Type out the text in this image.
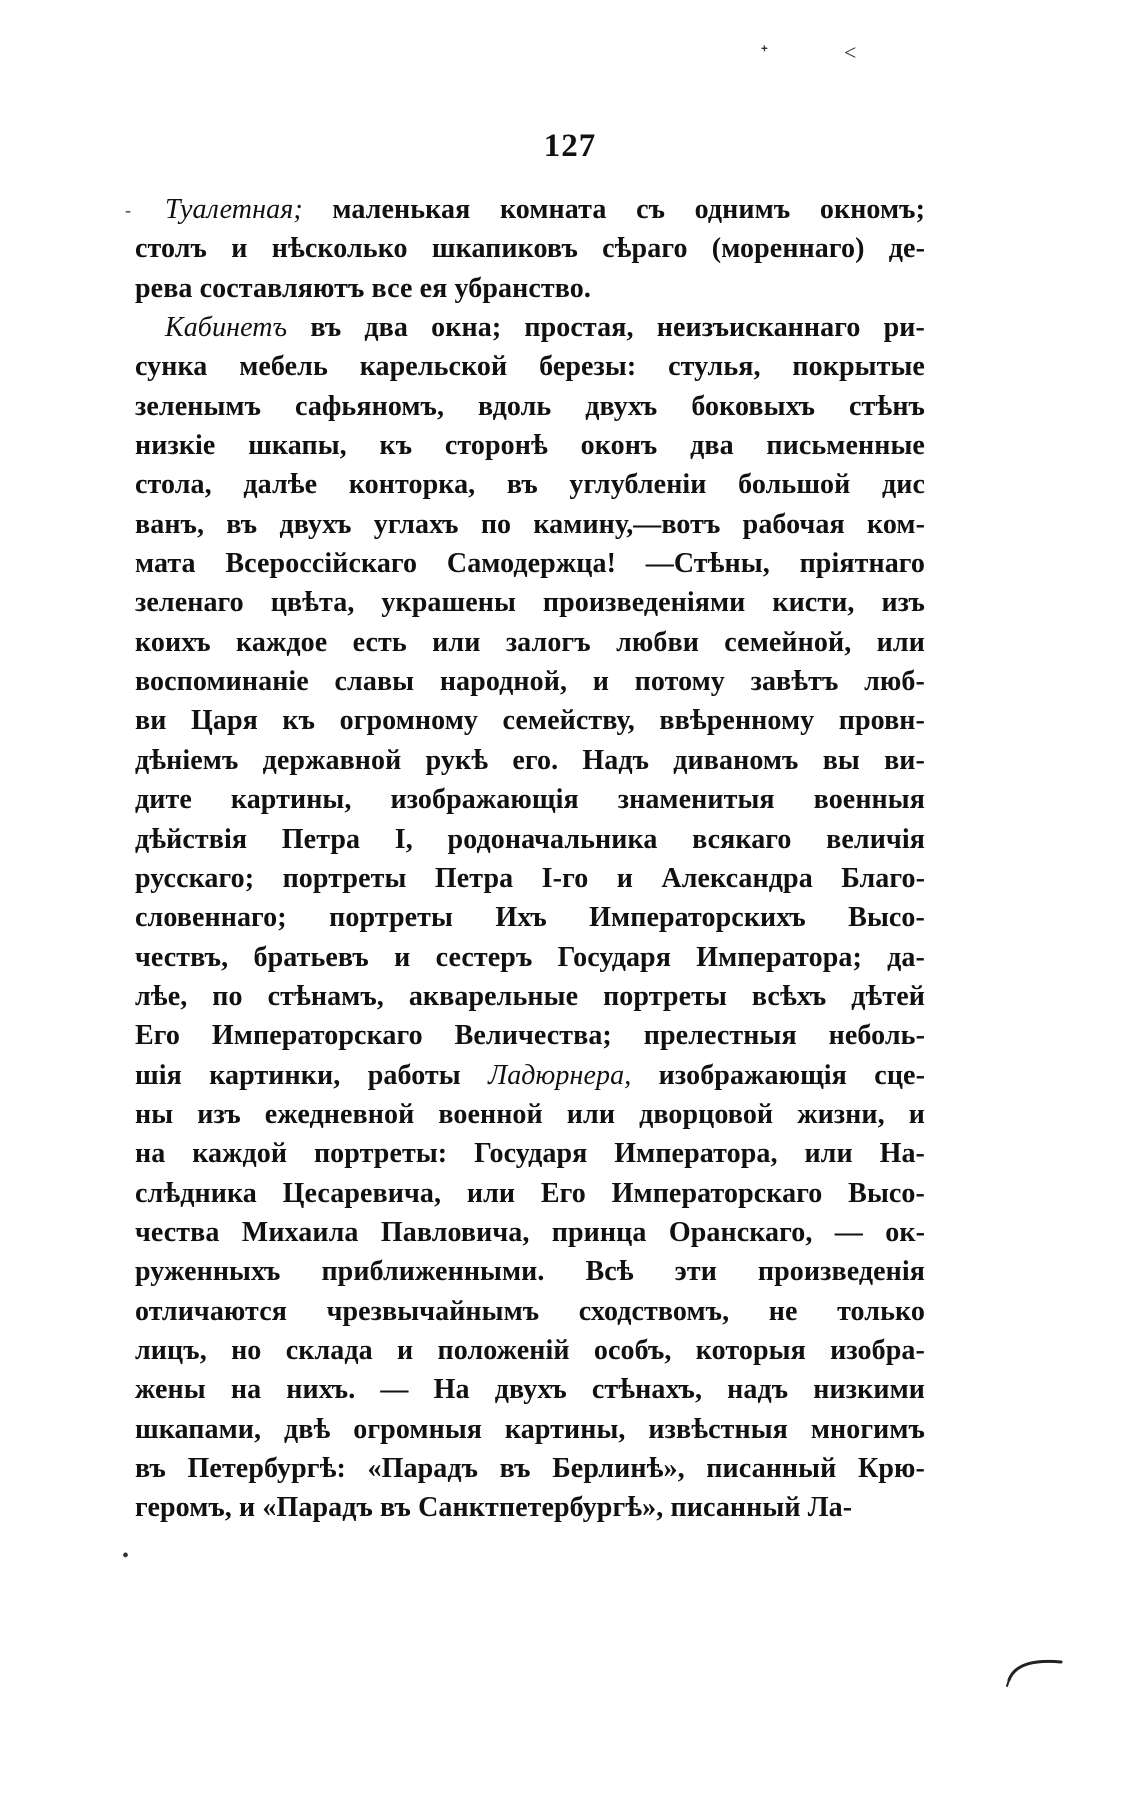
ᐩ	˂
-
•
127
Туалетная; маленькая комната съ однимъ окномъ;
столъ и нѣсколько шкапиковъ сѣраго (мореннаго) де-
рева составляютъ все ея убранство.
Кабинетъ въ два окна; простая, неизъисканнаго ри-
сунка мебель карельской березы: стулья, покрытые
зеленымъ сафьяномъ, вдоль двухъ боковыхъ стѣнъ
низкіе шкапы, къ сторонѣ оконъ два письменные
стола, далѣе конторка, въ углубленіи большой дис
ванъ, въ двухъ углахъ по камину,—вотъ рабочая ком-
мата Всероссійскаго Самодержца! —Стѣны, пріятнаго
зеленаго цвѣта, украшены произведеніями кисти, изъ
коихъ каждое есть или залогъ любви семейной, или
воспоминаніе славы народной, и потому завѣтъ люб-
ви Царя къ огромному семейству, ввѣренному провн-
дѣніемъ державной рукѣ его. Надъ диваномъ вы ви-
дите картины, изображающія знаменитыя военныя
дѣйствія Петра I, родоначальника всякаго величія
русскаго; портреты Петра I-го и Александра Благо-
словеннаго; портреты Ихъ Императорскихъ Высо-
чествъ, братьевъ и сестеръ Государя Императора; да-
лѣе, по стѣнамъ, акварельные портреты всѣхъ дѣтей
Его Императорскаго Величества; прелестныя неболь-
шія картинки, работы Ладюрнера, изображающія сце-
ны изъ ежедневной военной или дворцовой жизни, и
на каждой портреты: Государя Императора, или На-
слѣдника Цесаревича, или Его Императорскаго Высо-
чества Михаила Павловича, принца Оранскаго, — ок-
руженныхъ приближенными. Всѣ эти произведенія
отличаются чрезвычайнымъ сходствомъ, не только
лицъ, но склада и положеній особъ, которыя изобра-
жены на нихъ. — На двухъ стѣнахъ, надъ низкими
шкапами, двѣ огромныя картины, извѣстныя многимъ
въ Петербургѣ: «Парадъ въ Берлинѣ», писанный Крю-
геромъ, и «Парадъ въ Санктпетербургѣ», писанный Ла-
